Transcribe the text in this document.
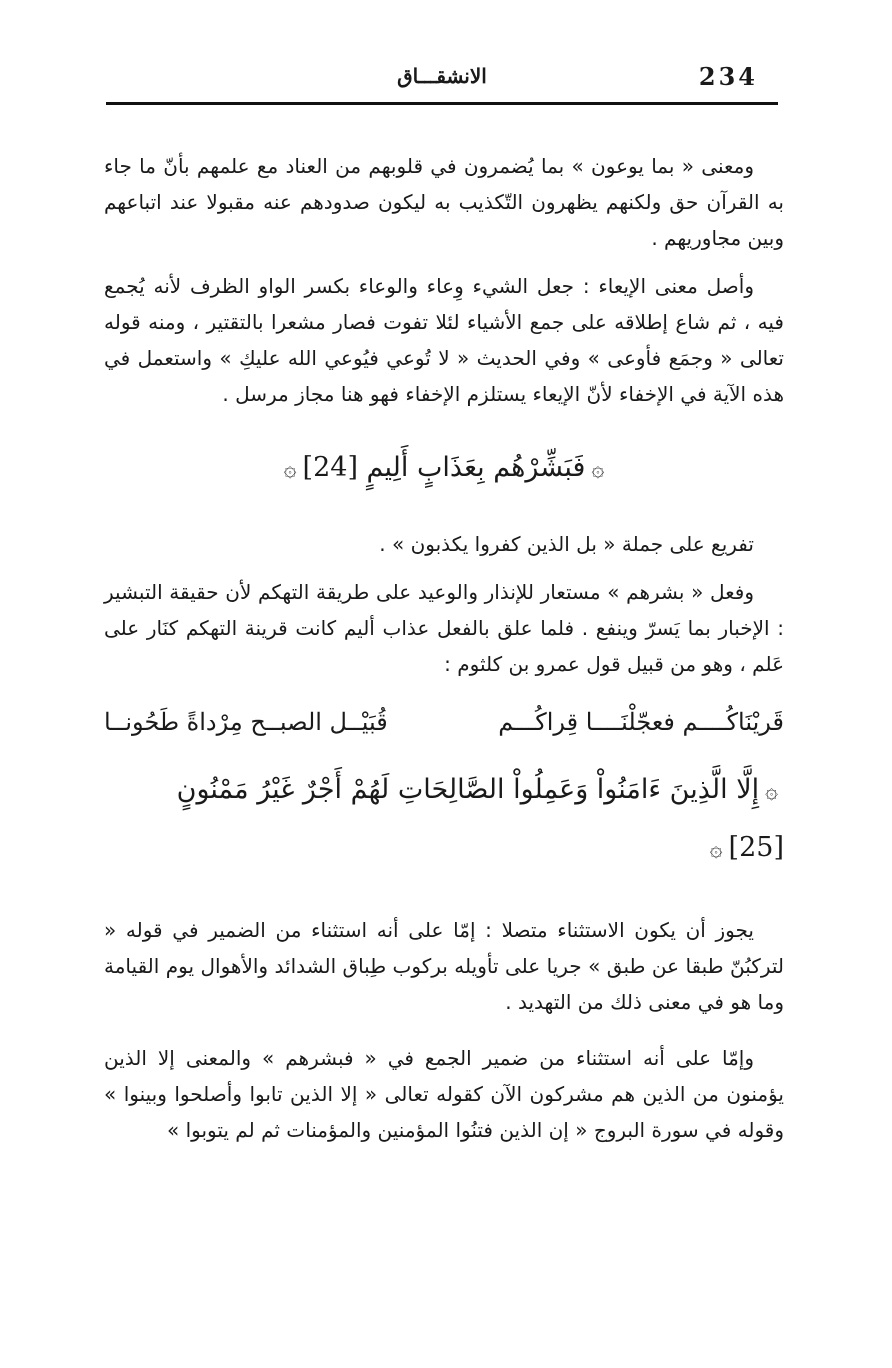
234
الانشقـــاق

ومعنى « بما يوعون » بما يُضمرون في قلوبهم من العناد مع علمهم بأنّ ما جاء به القرآن حق ولكنهم يظهرون التّكذيب به ليكون صدودهم عنه مقبولا عند اتباعهم وبين مجاوريهم .

وأصل معنى الإيعاء : جعل الشيء وِعاء والوعاء بكسر الواو الظرف لأنه يُجمع فيه ، ثم شاع إطلاقه على جمع الأشياء لئلا تفوت فصار مشعرا بالتقتير ، ومنه قوله تعالى « وجمَع فأوعى » وفي الحديث « لا تُوعي فيُوعي الله عليكِ » واستعمل في هذه الآية في الإخفاء لأنّ الإيعاء يستلزم الإخفاء فهو هنا مجاز مرسل .

۞فَبَشِّرْهُم بِعَذَابٍ أَلِيمٍ [24]۞

تفريع على جملة « بل الذين كفروا يكذبون » .

وفعل « بشرهم » مستعار للإنذار والوعيد على طريقة التهكم لأن حقيقة التبشير : الإخبار بما يَسرّ وينفع . فلما علق بالفعل عذاب أليم كانت قرينة التهكم كنَار على عَلم ، وهو من قبيل قول عمرو بن كلثوم :

قَريْنَاكُــــم فعجّلْنَــــا قِراكُـــم
قُبَيْــل الصبــح مِرْداةً طَحُونــا

۞إِلَّا الَّذِينَ ءَامَنُواْ وَعَمِلُواْ الصَّالِحَاتِ لَهُمْ أَجْرٌ غَيْرُ مَمْنُونٍ [25]۞

يجوز أن يكون الاستثناء متصلا : إمّا على أنه استثناء من الضمير في قوله « لتركبُنّ طبقا عن طبق » جريا على تأويله بركوب طِباق الشدائد والأهوال يوم القيامة وما هو في معنى ذلك من التهديد .

وإمّا على أنه استثناء من ضمير الجمع في « فبشرهم » والمعنى إلا الذين يؤمنون من الذين هم مشركون الآن كقوله تعالى « إلا الذين تابوا وأصلحوا وبينوا » وقوله في سورة البروج « إن الذين فتنُوا المؤمنين والمؤمنات ثم لم يتوبوا »
